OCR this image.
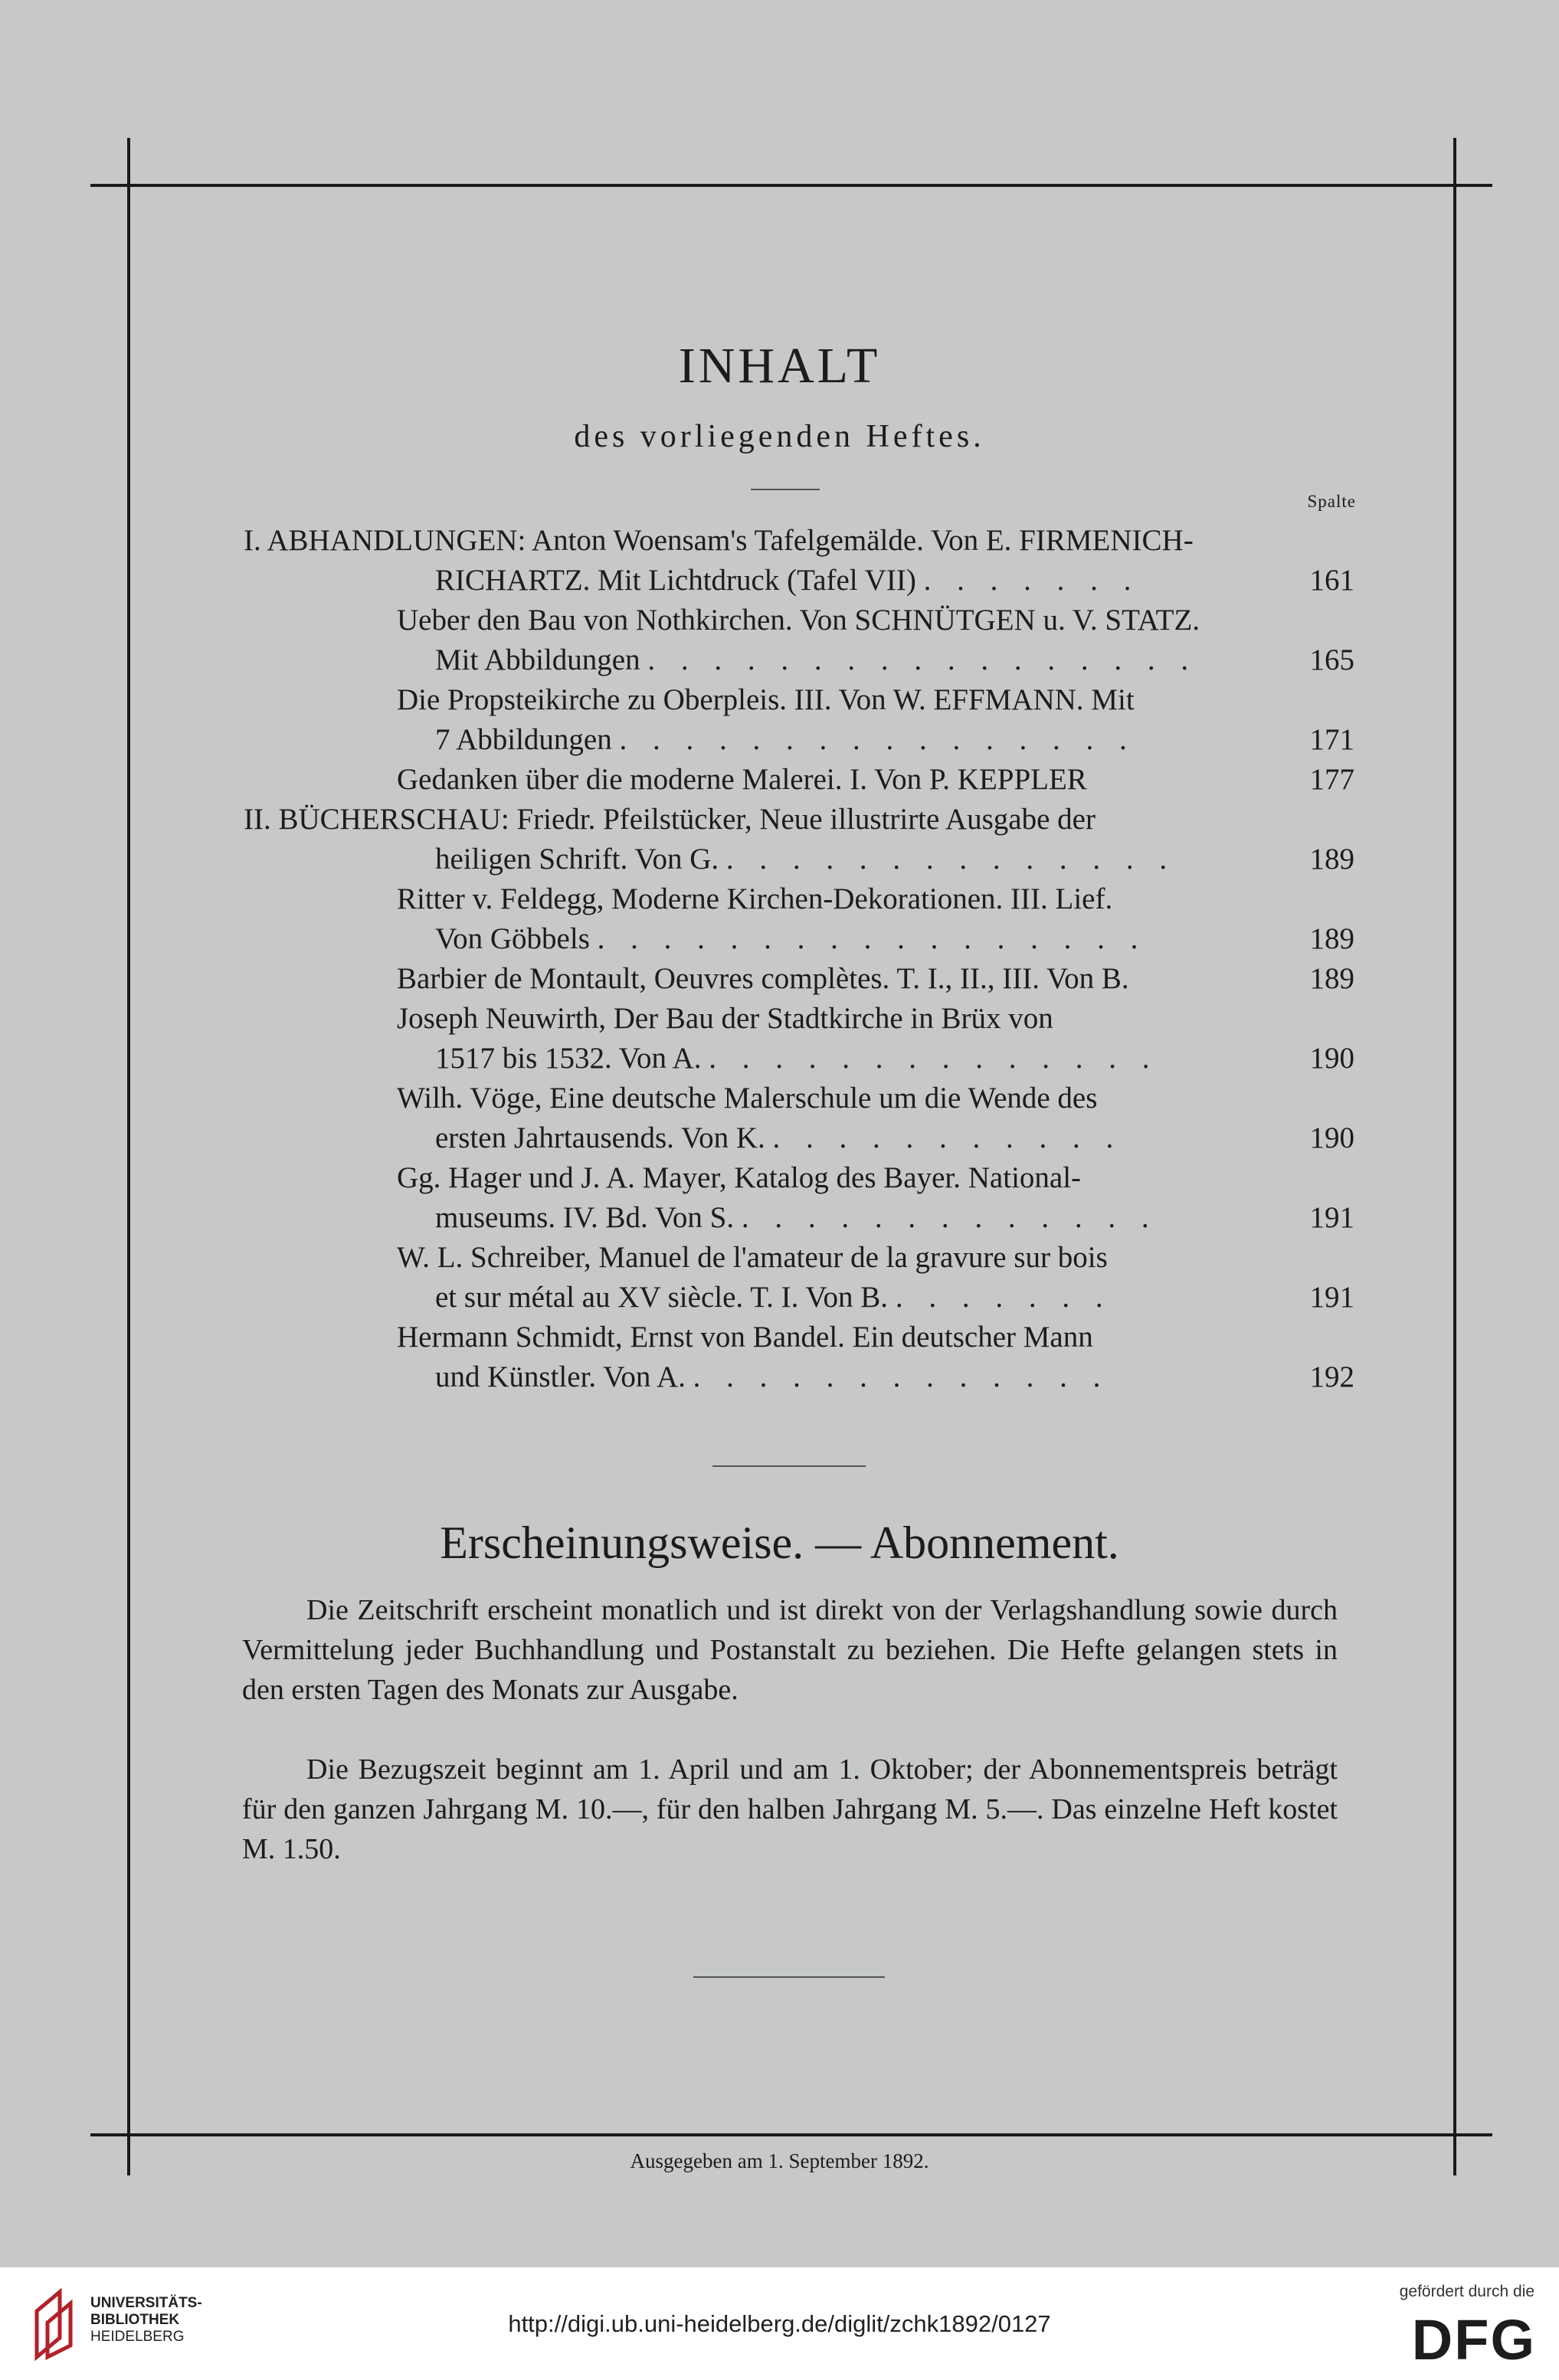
INHALT
des vorliegenden Heftes.
Spalte
I. ABHANDLUNGEN: Anton Woensam's Tafelgemälde. Von E. FIRMENICH-
RICHARTZ. Mit Lichtdruck (Tafel VII) . . . . . . .	161
Ueber den Bau von Nothkirchen. Von SCHNÜTGEN u. V. STATZ.
Mit Abbildungen . . . . . . . . . . . . . . . . .	165
Die Propsteikirche zu Oberpleis. III. Von W. EFFMANN. Mit
7 Abbildungen . . . . . . . . . . . . . . . .	171
Gedanken über die moderne Malerei. I. Von P. KEPPLER	177
II. BÜCHERSCHAU: Friedr. Pfeilstücker, Neue illustrirte Ausgabe der
heiligen Schrift. Von G. . . . . . . . . . . . . . .	189
Ritter v. Feldegg, Moderne Kirchen-Dekorationen. III. Lief.
Von Göbbels . . . . . . . . . . . . . . . . .	189
Barbier de Montault, Oeuvres complètes. T. I., II., III. Von B.	189
Joseph Neuwirth, Der Bau der Stadtkirche in Brüx von
1517 bis 1532. Von A. . . . . . . . . . . . . . .	190
Wilh. Vöge, Eine deutsche Malerschule um die Wende des
ersten Jahrtausends. Von K. . . . . . . . . . . .	190
Gg. Hager und J. A. Mayer, Katalog des Bayer. National-
museums. IV. Bd. Von S. . . . . . . . . . . . . .	191
W. L. Schreiber, Manuel de l'amateur de la gravure sur bois
et sur métal au XV siècle. T. I. Von B. . . . . . . .	191
Hermann Schmidt, Ernst von Bandel. Ein deutscher Mann
und Künstler. Von A. . . . . . . . . . . . . .	192
Erscheinungsweise. — Abonnement.

Die Zeitschrift erscheint monatlich und ist direkt von der Verlagshandlung sowie durch Vermittelung jeder Buchhandlung und Postanstalt zu beziehen. Die Hefte gelangen stets in den ersten Tagen des Monats zur Ausgabe.

Die Bezugszeit beginnt am 1. April und am 1. Oktober; der Abonnementspreis beträgt für den ganzen Jahrgang M. 10.—, für den halben Jahrgang M. 5.—. Das einzelne Heft kostet M. 1.50.

Ausgegeben am 1. September 1892.
UNIVERSITÄTS-
BIBLIOTHEK
HEIDELBERG	http://digi.ub.uni-heidelberg.de/diglit/zchk1892/0127
gefördert durch die
DFG
